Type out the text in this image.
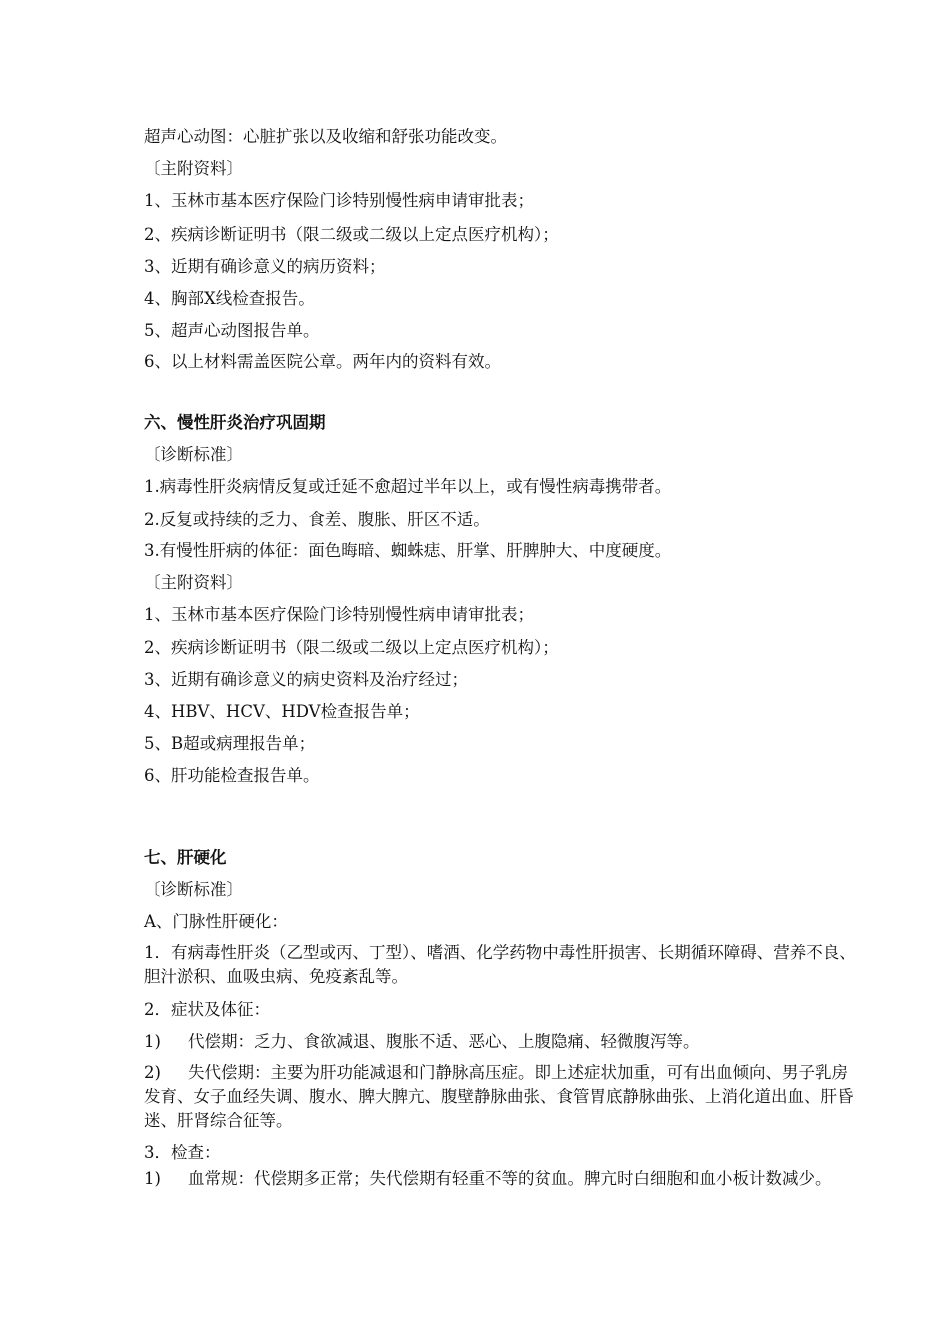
超声心动图：心脏扩张以及收缩和舒张功能改变。
〔主附资料〕
1、玉林市基本医疗保险门诊特别慢性病申请审批表；
2、疾病诊断证明书（限二级或二级以上定点医疗机构）；
3、近期有确诊意义的病历资料；
4、胸部X线检查报告。
5、超声心动图报告单。
6、以上材料需盖医院公章。两年内的资料有效。
六、慢性肝炎治疗巩固期
〔诊断标准〕
1.病毒性肝炎病情反复或迁延不愈超过半年以上，或有慢性病毒携带者。
2.反复或持续的乏力、食差、腹胀、肝区不适。
3.有慢性肝病的体征：面色晦暗、蜘蛛痣、肝掌、肝脾肿大、中度硬度。
〔主附资料〕
1、玉林市基本医疗保险门诊特别慢性病申请审批表；
2、疾病诊断证明书（限二级或二级以上定点医疗机构）；
3、近期有确诊意义的病史资料及治疗经过；
4、HBV、HCV、HDV检查报告单；
5、B超或病理报告单；
6、肝功能检查报告单。
七、肝硬化
〔诊断标准〕
A、门脉性肝硬化：
1．有病毒性肝炎（乙型或丙、丁型）、嗜酒、化学药物中毒性肝损害、长期循环障碍、营养不良、胆汁淤积、血吸虫病、免疫紊乱等。
2．症状及体征：
1) 代偿期：乏力、食欲减退、腹胀不适、恶心、上腹隐痛、轻微腹泻等。
2) 失代偿期：主要为肝功能减退和门静脉高压症。即上述症状加重，可有出血倾向、男子乳房发育、女子血经失调、腹水、脾大脾亢、腹壁静脉曲张、食管胃底静脉曲张、上消化道出血、肝昏迷、肝肾综合征等。
3．检查：
1) 血常规：代偿期多正常；失代偿期有轻重不等的贫血。脾亢时白细胞和血小板计数减少。
